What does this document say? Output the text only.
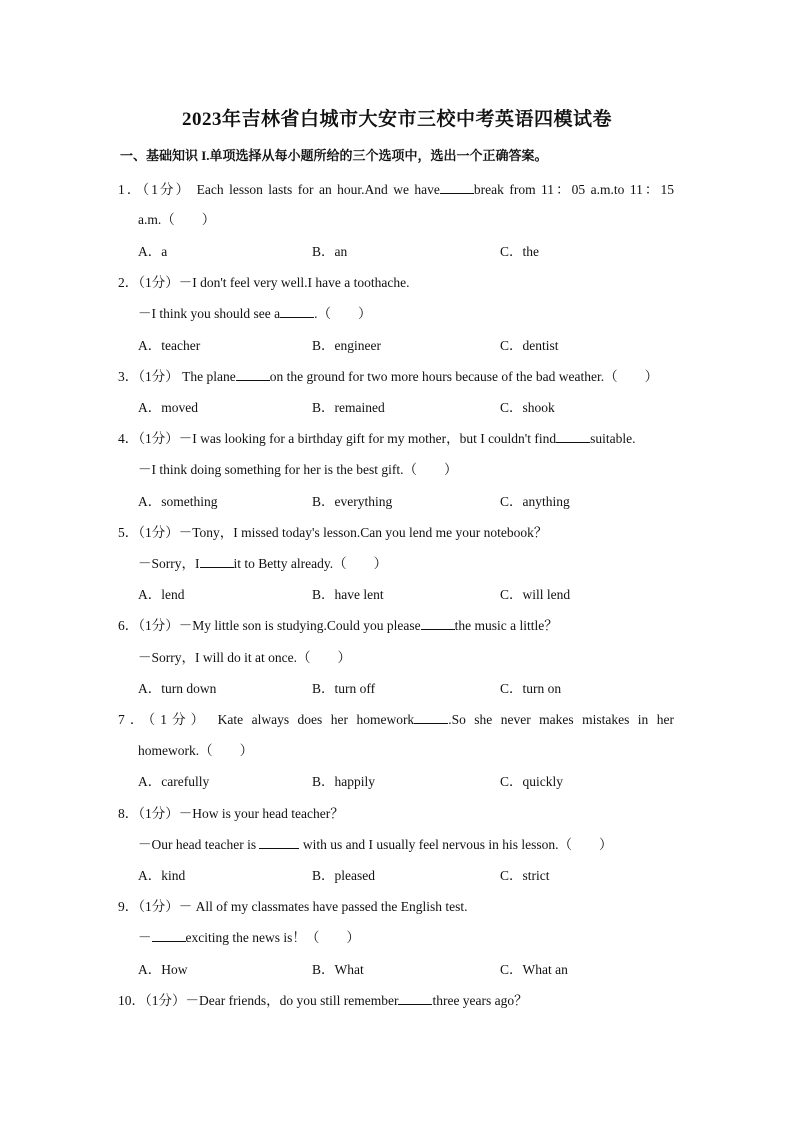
2023年吉林省白城市大安市三校中考英语四模试卷
一、基础知识 I.单项选择从每小题所给的三个选项中，选出一个正确答案。
1．（1分） Each lesson lasts for an hour.And we have	break from 11：05 a.m.to 11：15
a.m.（　　）
A．a	B．an	C．the
2．（1分）－I don't feel very well.I have a toothache.
－I think you should see a	.（　　）
A．teacher	B．engineer	C．dentist
3．（1分） The plane	on the ground for two more hours because of the bad weather.（　　）
A．moved	B．remained	C．shook
4．（1分）－I was looking for a birthday gift for my mother，but I couldn't find	suitable.
－I think doing something for her is the best gift.（　　）
A．something	B．everything	C．anything
5．（1分）－Tony，I missed today's lesson.Can you lend me your notebook？
－Sorry，I	it to Betty already.（　　）
A．lend	B．have lent	C．will lend
6．（1分）－My little son is studying.Could you please	the music a little？
－Sorry，I will do it at once.（　　）
A．turn down	B．turn off	C．turn on
7．（1分） Kate always does her homework	.So she never makes mistakes in her
homework.（　　）
A．carefully	B．happily	C．quickly
8．（1分）－How is your head teacher？
－Our head teacher is	with us and I usually feel nervous in his lesson.（　　）
A．kind	B．pleased	C．strict
9．（1分）－ All of my classmates have passed the English test.
－	exciting the news is！（　　）
A．How	B．What	C．What an
10．（1分）－Dear friends，do you still remember	three years ago？
